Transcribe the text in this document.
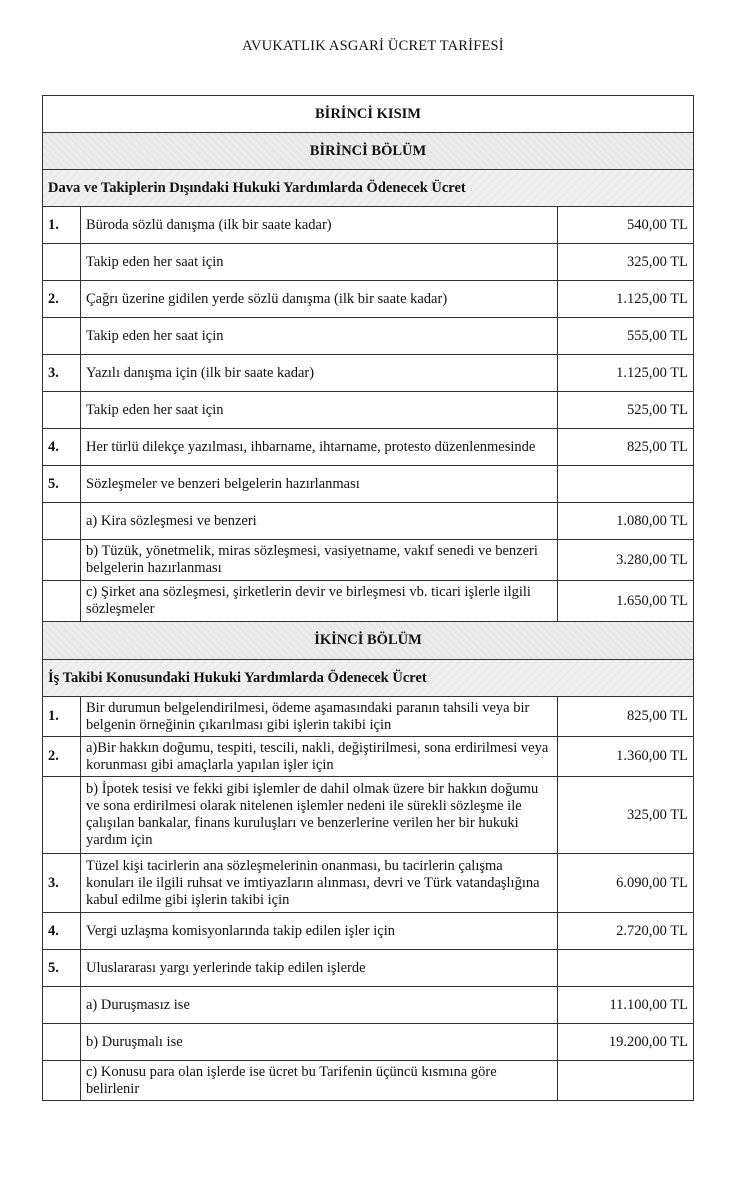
AVUKATLIK ASGARİ ÜCRET TARİFESİ
BİRİNCİ KISIM		
BİRİNCİ BÖLÜM		
Dava ve Takiplerin Dışındaki Hukuki Yardımlarda Ödenecek Ücret		
1.	Büroda sözlü danışma (ilk bir saate kadar)	540,00 TL
	Takip eden her saat için	325,00 TL
2.	Çağrı üzerine gidilen yerde sözlü danışma (ilk bir saate kadar)	1.125,00 TL
	Takip eden her saat için	555,00 TL
3.	Yazılı danışma için (ilk bir saate kadar)	1.125,00 TL
	Takip eden her saat için	525,00 TL
4.	Her türlü dilekçe yazılması, ihbarname, ihtarname, protesto düzenlenmesinde	825,00 TL
5.	Sözleşmeler ve benzeri belgelerin hazırlanması	
	a) Kira sözleşmesi ve benzeri	1.080,00 TL
	b) Tüzük, yönetmelik, miras sözleşmesi, vasiyetname, vakıf senedi ve benzeri belgelerin hazırlanması	3.280,00 TL
	c) Şirket ana sözleşmesi, şirketlerin devir ve birleşmesi vb. ticari işlerle ilgili sözleşmeler	1.650,00 TL
İKİNCİ BÖLÜM		
İş Takibi Konusundaki Hukuki Yardımlarda Ödenecek Ücret		
1.	Bir durumun belgelendirilmesi, ödeme aşamasındaki paranın tahsili veya bir belgenin örneğinin çıkarılması gibi işlerin takibi için	825,00 TL
2.	a)Bir hakkın doğumu, tespiti, tescili, nakli, değiştirilmesi, sona erdirilmesi veya korunması gibi amaçlarla yapılan işler için	1.360,00 TL
	b) İpotek tesisi ve fekki gibi işlemler de dahil olmak üzere bir hakkın doğumu ve sona erdirilmesi olarak nitelenen işlemler nedeni ile sürekli sözleşme ile çalışılan bankalar, finans kuruluşları ve benzerlerine verilen her bir hukuki yardım için	325,00 TL
3.	Tüzel kişi tacirlerin ana sözleşmelerinin onanması, bu tacirlerin çalışma konuları ile ilgili ruhsat ve imtiyazların alınması, devri ve Türk vatandaşlığına kabul edilme gibi işlerin takibi için	6.090,00 TL
4.	Vergi uzlaşma komisyonlarında takip edilen işler için	2.720,00 TL
5.	Uluslararası yargı yerlerinde takip edilen işlerde	
	a) Duruşmasız ise	11.100,00 TL
	b) Duruşmalı ise	19.200,00 TL
	c) Konusu para olan işlerde ise ücret bu Tarifenin üçüncü kısmına göre belirlenir	
